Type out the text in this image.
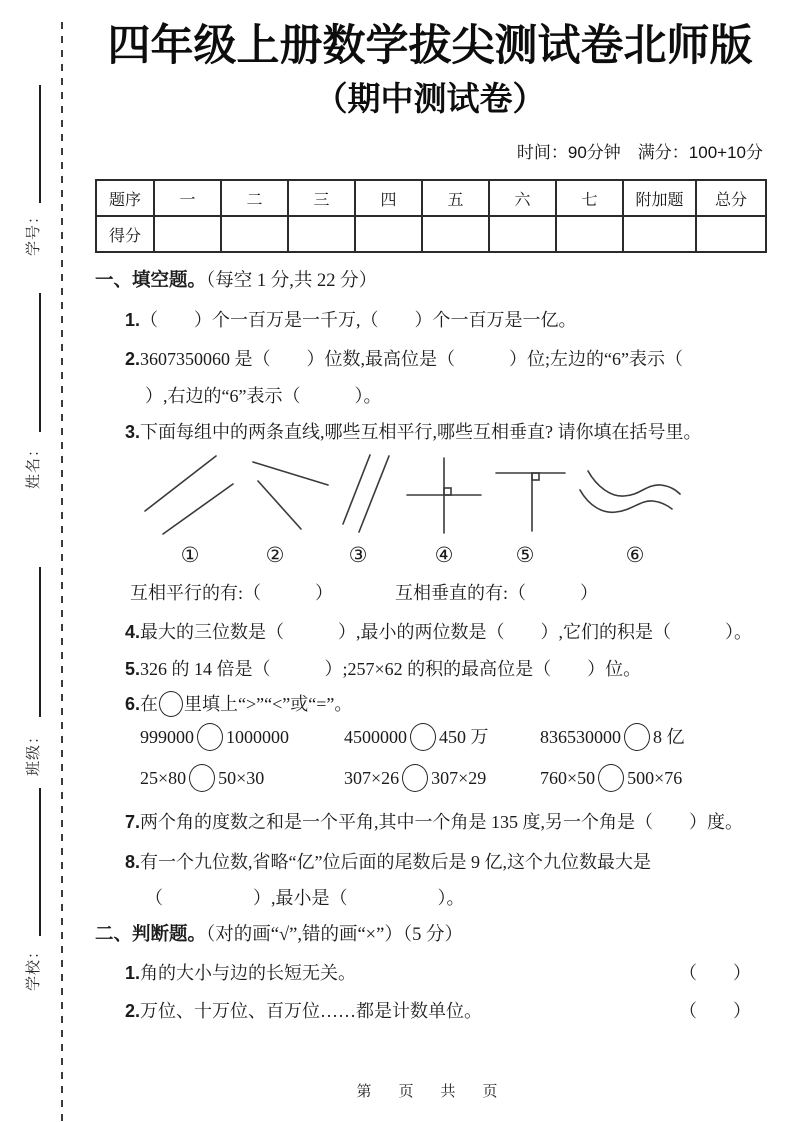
学号：
姓名：
班级：
学校：
四年级上册数学拔尖测试卷北师版
（期中测试卷）
时间：90分钟　满分：100+10分
题序	一	二	三	四	五	六	七	附加题	总分
得分									
一、填空题。（每空 1 分,共 22 分）
1.（　　）个一百万是一千万,（　　）个一百万是一亿。
2.3607350060 是（　　）位数,最高位是（　　　）位;左边的“6”表示（
）,右边的“6”表示（　　　）。
3.下面每组中的两条直线,哪些互相平行,哪些互相垂直? 请你填在括号里。
①	②	③	④	⑤	⑥
互相平行的有:（　　　）	互相垂直的有:（　　　）
4.最大的三位数是（　　　）,最小的两位数是（　　）,它们的积是（　　　）。
5.326 的 14 倍是（　　　）;257×62 的积的最高位是（　　）位。
6.在 里填上“>”“<”或“=”。
999000 1000000	4500000 450 万	836530000 8 亿
25×80 50×30	307×26 307×29	760×50 500×76
7.两个角的度数之和是一个平角,其中一个角是 135 度,另一个角是（　　）度。
8.有一个九位数,省略“亿”位后面的尾数后是 9 亿,这个九位数最大是
（　　　　　）,最小是（　　　　　）。
二、判断题。（对的画“√”,错的画“×”）（5 分）
1.角的大小与边的长短无关。	（　　）
2.万位、十万位、百万位……都是计数单位。	（　　）
第　页　共　页
